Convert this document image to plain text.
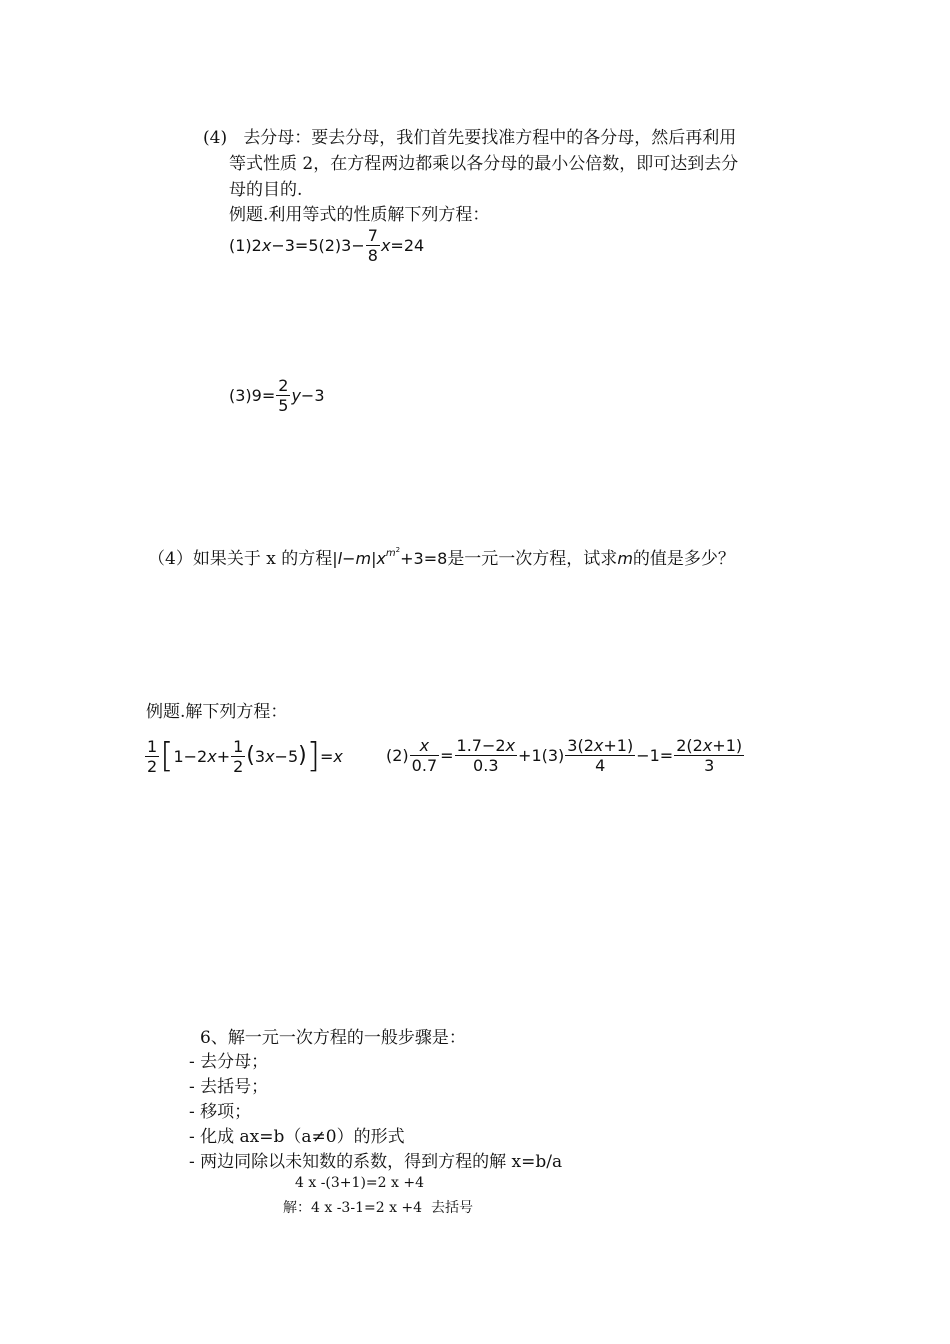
(4) 去分母：要去分母，我们首先要找准方程中的各分母，然后再利用
等式性质 2，在方程两边都乘以各分母的最小公倍数，即可达到去分
母的目的.
例题.利用等式的性质解下列方程：
(1) 2 x −3=5 (2) $3- \frac{7}{8}$ x =24
(3) $9= \frac{2}{5}$ y −3
（4）如果关于 x 的方程$|l-m|x^{m^2}+3=8$是一元一次方程，试求m的值是多少？
例题.解下列方程：
$\frac{1}{2}$ [ 1−2 $x + \frac{1}{2}$ ( 3 x −5 ) ] = x	$(2) \frac{x}{0.7} = \frac{1.7-2x}{0.3} +1$ $(3) \frac{3(2x+1)}{4} -1= \frac{2(2x+1)}{3}$
6、解一元一次方程的一般步骤是：
- 去分母；
- 去括号；
- 移项；
- 化成 ax=b（a≠0）的形式
- 两边同除以未知数的系数，得到方程的解 x=b/a
4 x -(3+1)=2 x +4
解：4 x -3-1=2 x +4 去括号
